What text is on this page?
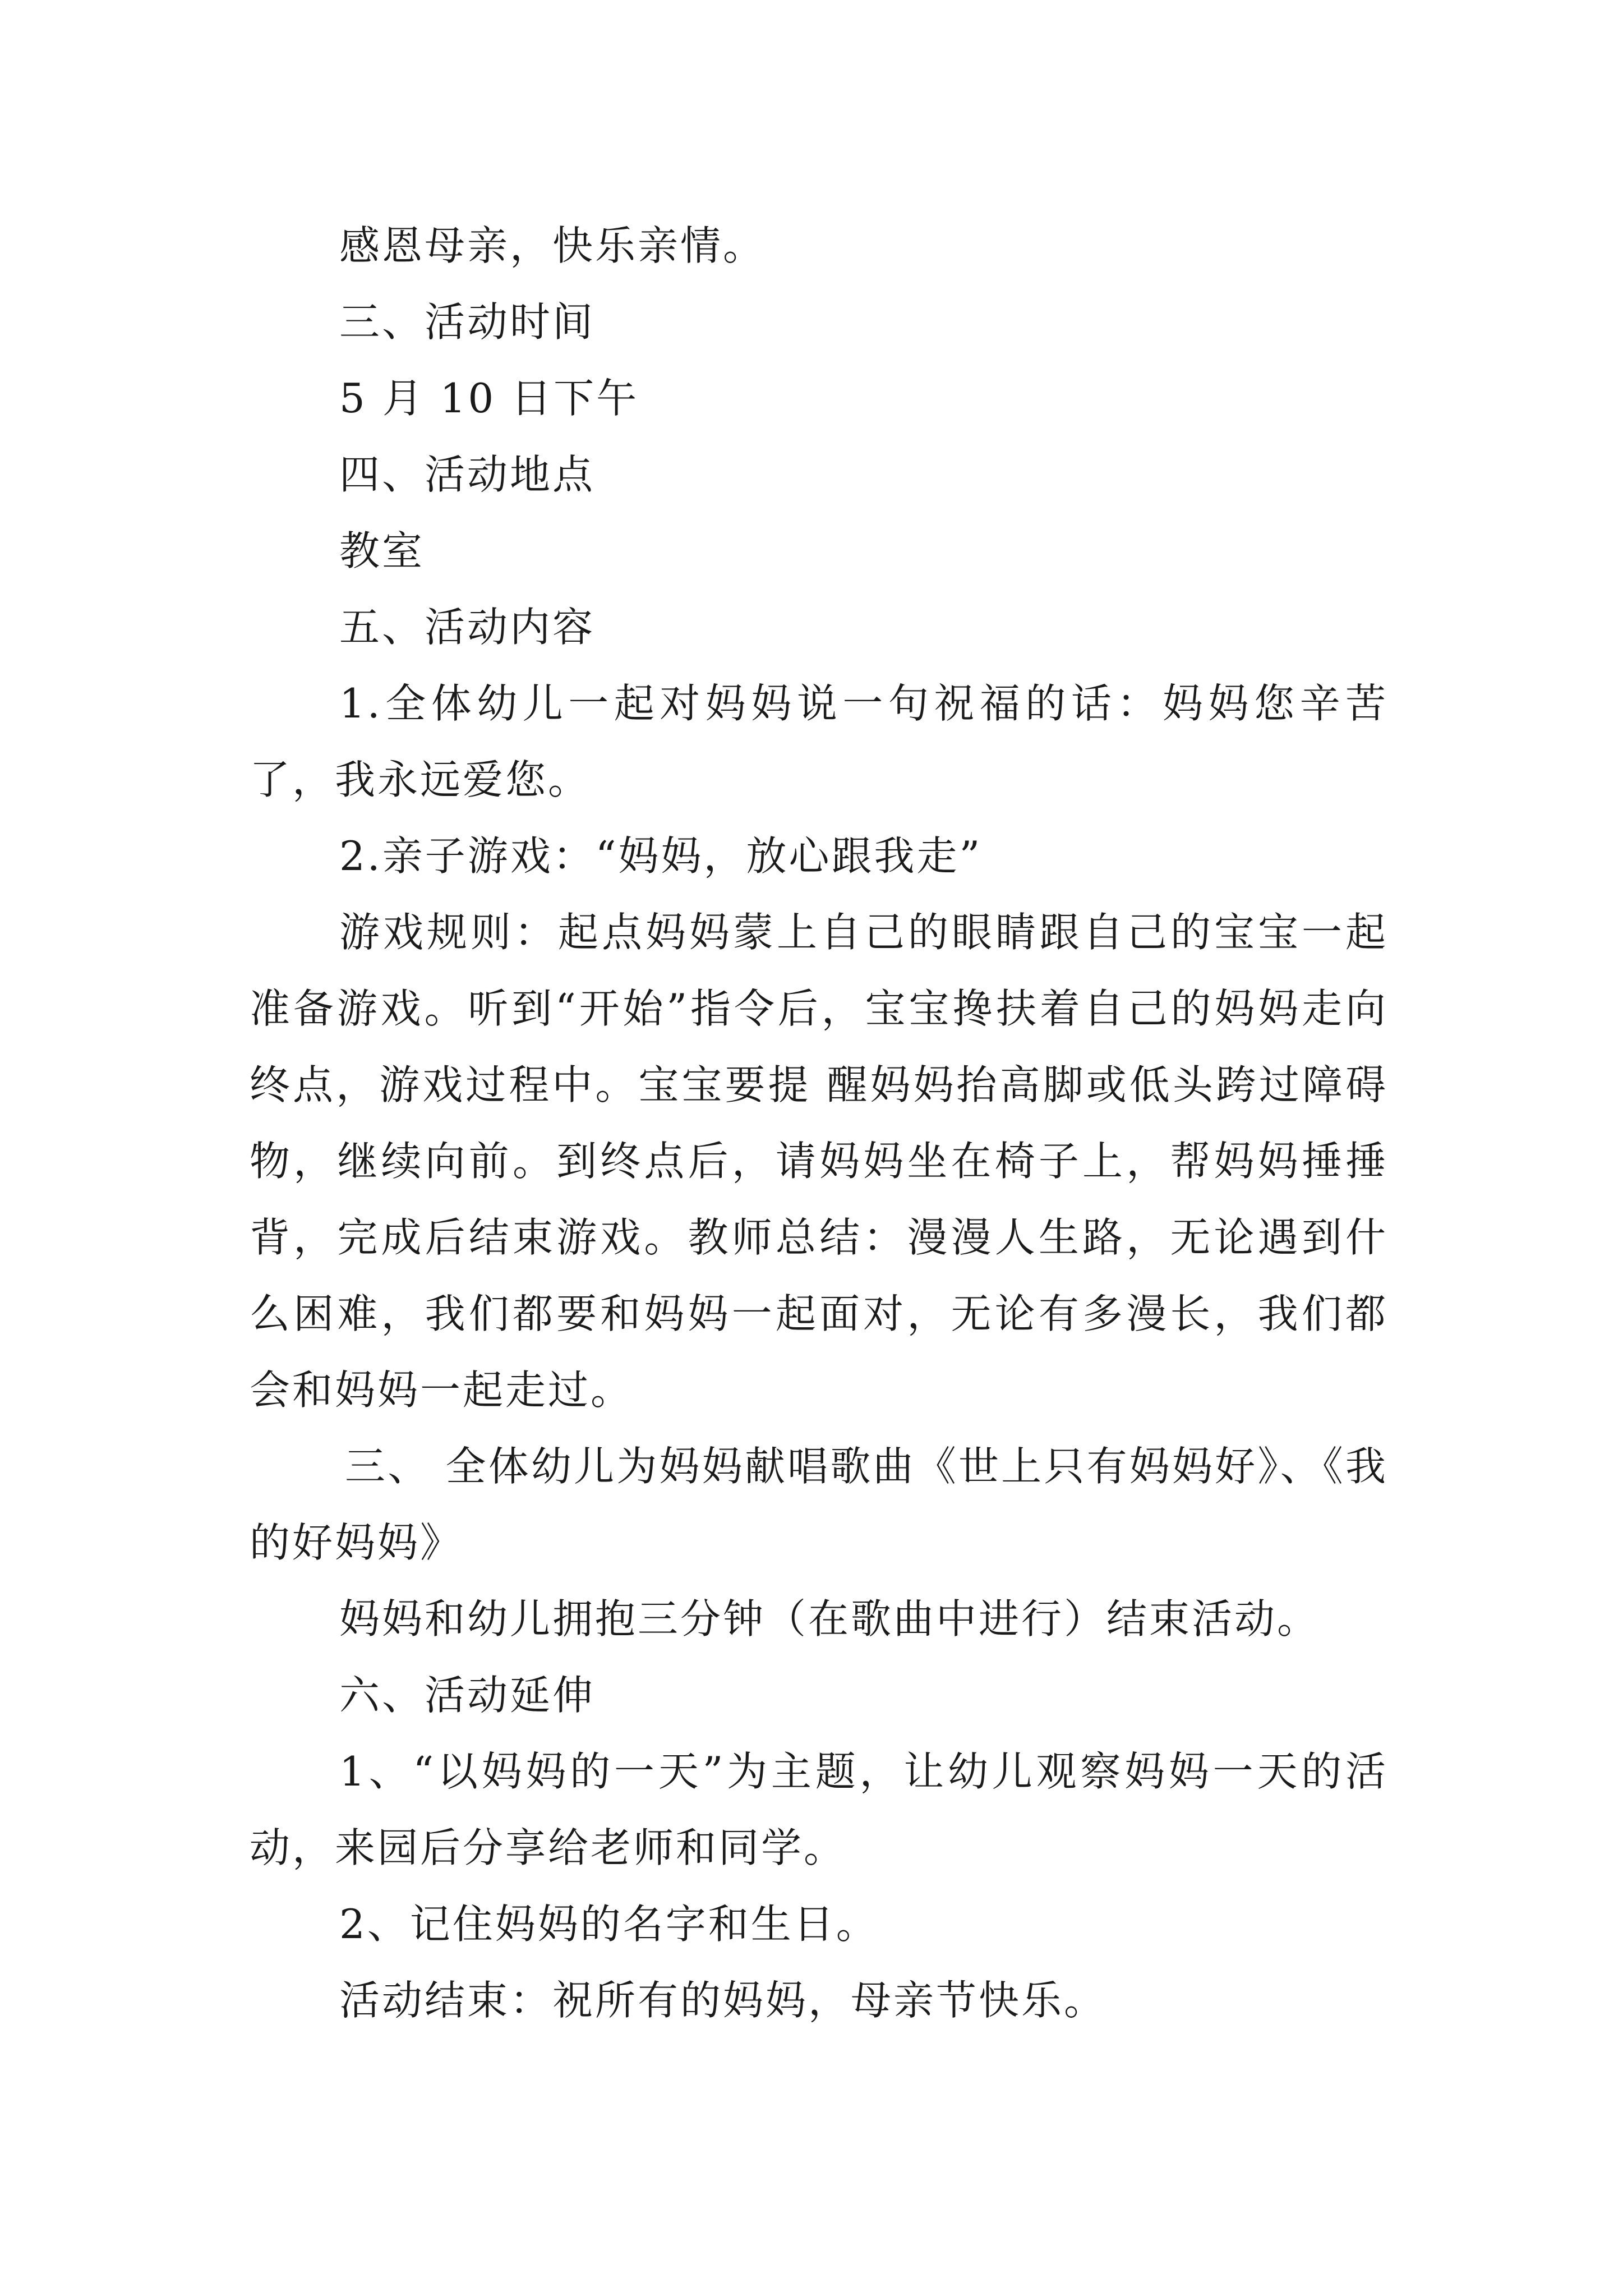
感恩母亲，快乐亲情。

三、活动时间

5 月 10 日下午

四、活动地点

教室

五、活动内容

1.全体幼儿一起对妈妈说一句祝福的话：妈妈您辛苦了，我永远爱您。

2.亲子游戏：“妈妈，放心跟我走”

游戏规则：起点妈妈蒙上自己的眼睛跟自己的宝宝一起准备游戏。听到“开始”指令后，宝宝搀扶着自己的妈妈走向终点，游戏过程中。宝宝要提 醒妈妈抬高脚或低头跨过障碍物，继续向前。到终点后，请妈妈坐在椅子上，帮妈妈捶捶背，完成后结束游戏。教师总结：漫漫人生路，无论遇到什么困难，我们都要和妈妈一起面对，无论有多漫长，我们都会和妈妈一起走过。

三、 全体幼儿为妈妈献唱歌曲《世上只有妈妈好》、《我的好妈妈》

妈妈和幼儿拥抱三分钟（在歌曲中进行）结束活动。

六、活动延伸

1、“以妈妈的一天”为主题，让幼儿观察妈妈一天的活动，来园后分享给老师和同学。

2、记住妈妈的名字和生日。

活动结束：祝所有的妈妈，母亲节快乐。
